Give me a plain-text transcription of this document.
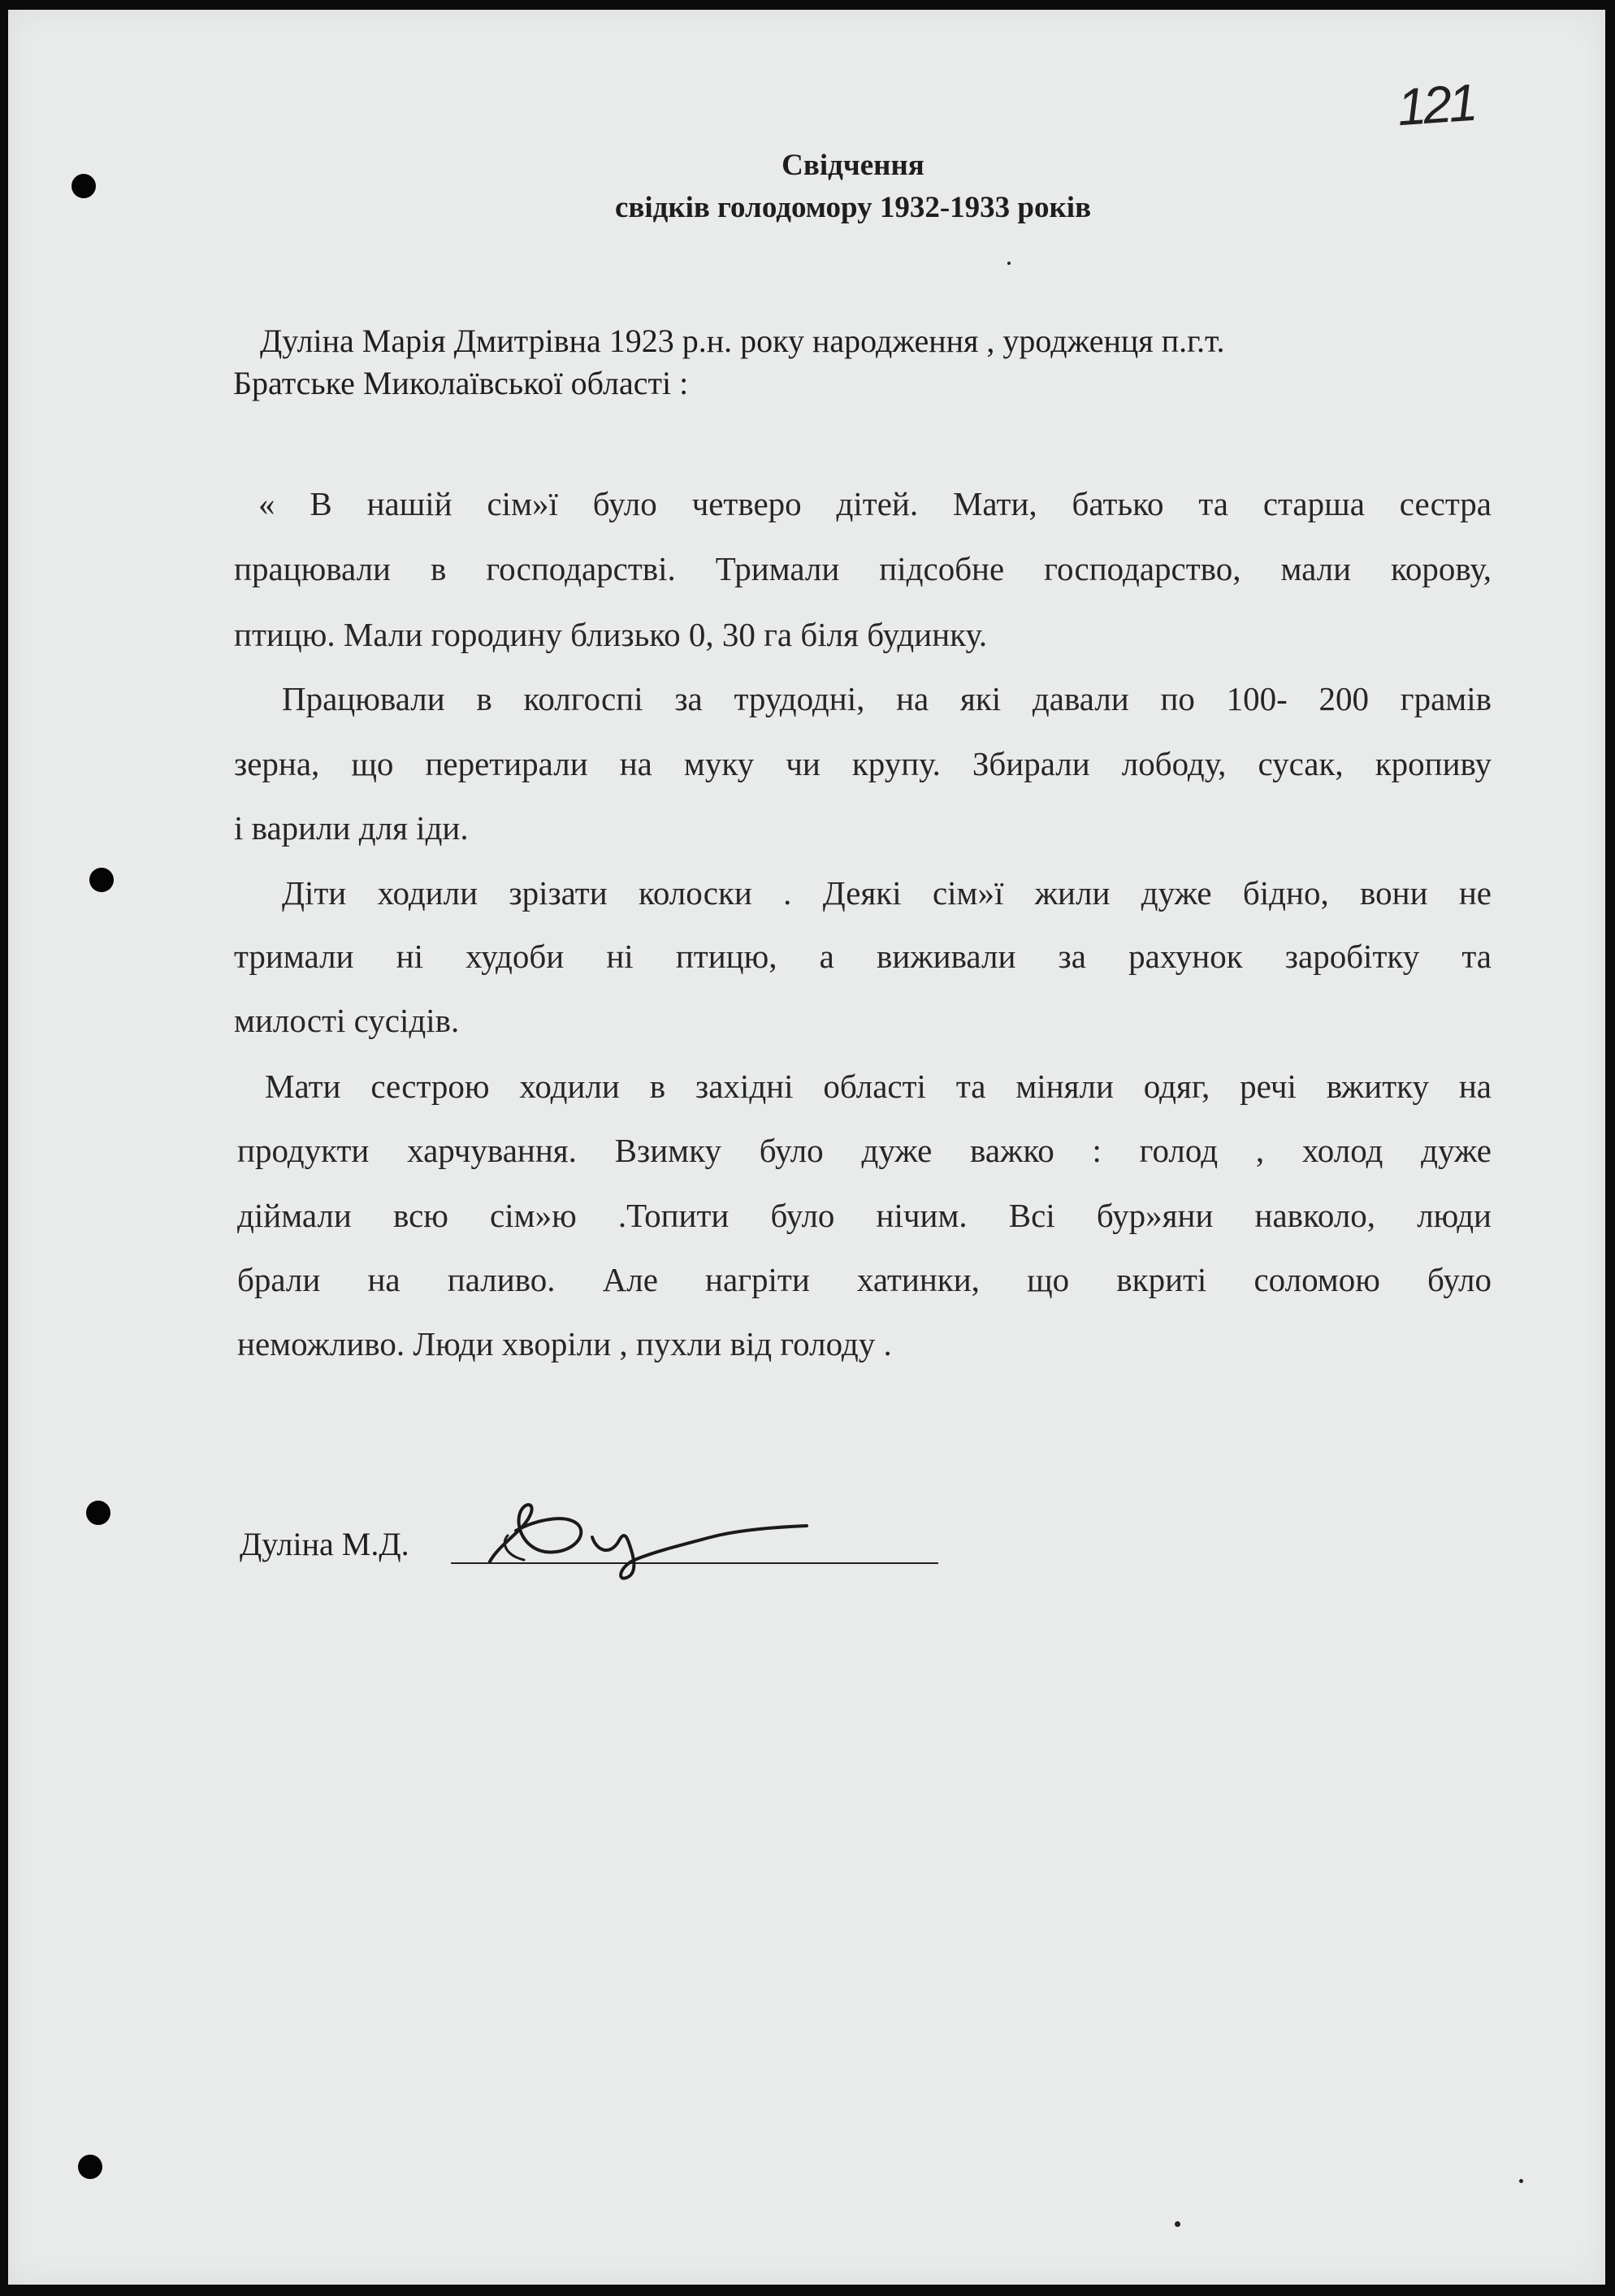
121
Свідчення
свідків голодомору 1932-1933 років
Дуліна Марія Дмитрівна 1923 р.н. року народження , уродженця п.г.т.
Братське Миколаївської області :
« В нашій сім»ї було четверо дітей. Мати, батько та старша сестра
працювали в господарстві. Тримали підсобне господарство, мали корову,
птицю. Мали городину близько 0, 30 га біля будинку.
Працювали в колгоспі за трудодні, на які давали по 100- 200 грамів
зерна, що перетирали на муку чи крупу. Збирали лободу, сусак, кропиву
і варили для іди.
Діти ходили зрізати колоски . Деякі сім»ї жили дуже бідно, вони не
тримали ні худоби ні птицю, а виживали за рахунок заробітку та
милості сусідів.
Мати сестрою ходили в західні області та міняли одяг, речі вжитку на
продукти харчування. Взимку було дуже важко : голод , холод дуже
діймали всю сім»ю .Топити було нічим. Всі бур»яни навколо, люди
брали на паливо. Але нагріти хатинки, що вкриті соломою було
неможливо. Люди хворіли , пухли від голоду .
Дуліна М.Д.
